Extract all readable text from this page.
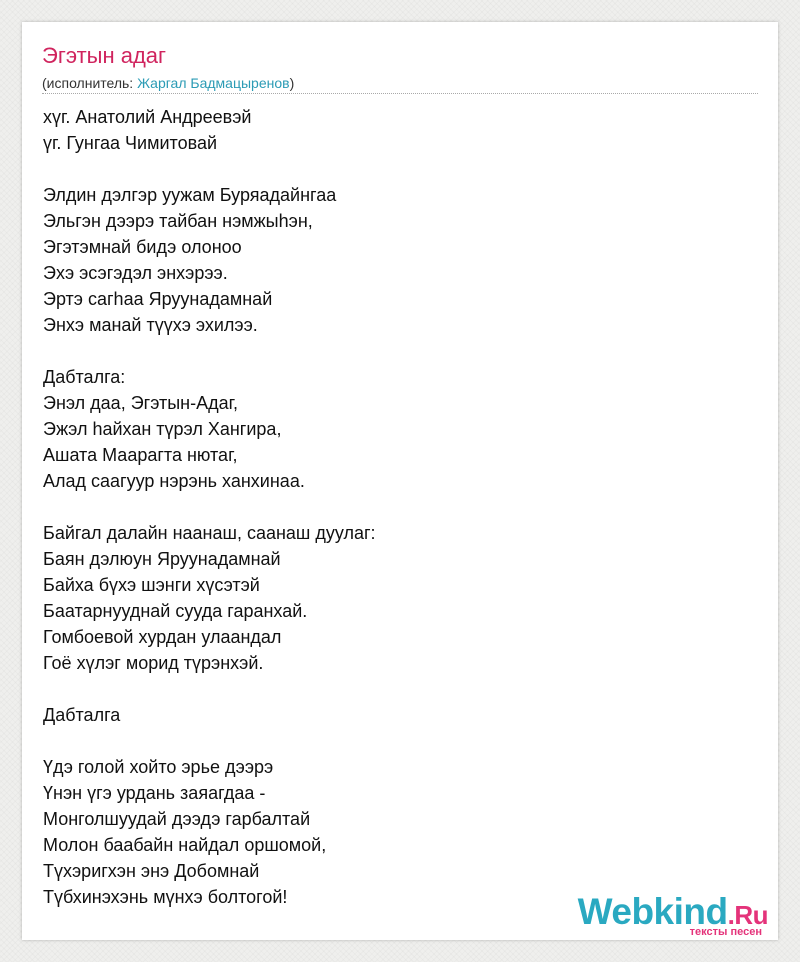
Эгэтын адаг
(исполнитель: Жаргал Бадмацыренов)
хүг. Анатолий Андреевэй
үг. Гунгаа Чимитовай

Элдин дэлгэр уужам Буряадайнгаа
Эльгэн дээрэ тайбан нэмжыһэн,
Эгэтэмнай бидэ олоноо
Эхэ эсэгэдэл энхэрээ.
Эртэ сагһаа Яруунадамнай
Энхэ манай түүхэ эхилээ.

Дабталга:
Энэл даа, Эгэтын-Адаг,
Эжэл һайхан түрэл Хангира,
Ашата Маарагта нютаг,
Алад саагуур нэрэнь ханхинаа.

Байгал далайн наанаш, саанаш дуулаг:
Баян дэлюун Яруунадамнай
Байха бүхэ шэнги хүсэтэй
Баатарнууднай сууда гаранхай.
Гомбоевой хурдан улаандал
Гоё хүлэг морид түрэнхэй.

Дабталга

Үдэ голой хойто эрье дээрэ
Үнэн үгэ урдань заяагдаа -
Монголшуудай дээдэ гарбалтай
Молон баабайн найдал оршомой,
Түхэригхэн энэ Добомнай
Түбхинэхэнь мүнхэ болтогой!	Webkind.Ru
тексты песен
